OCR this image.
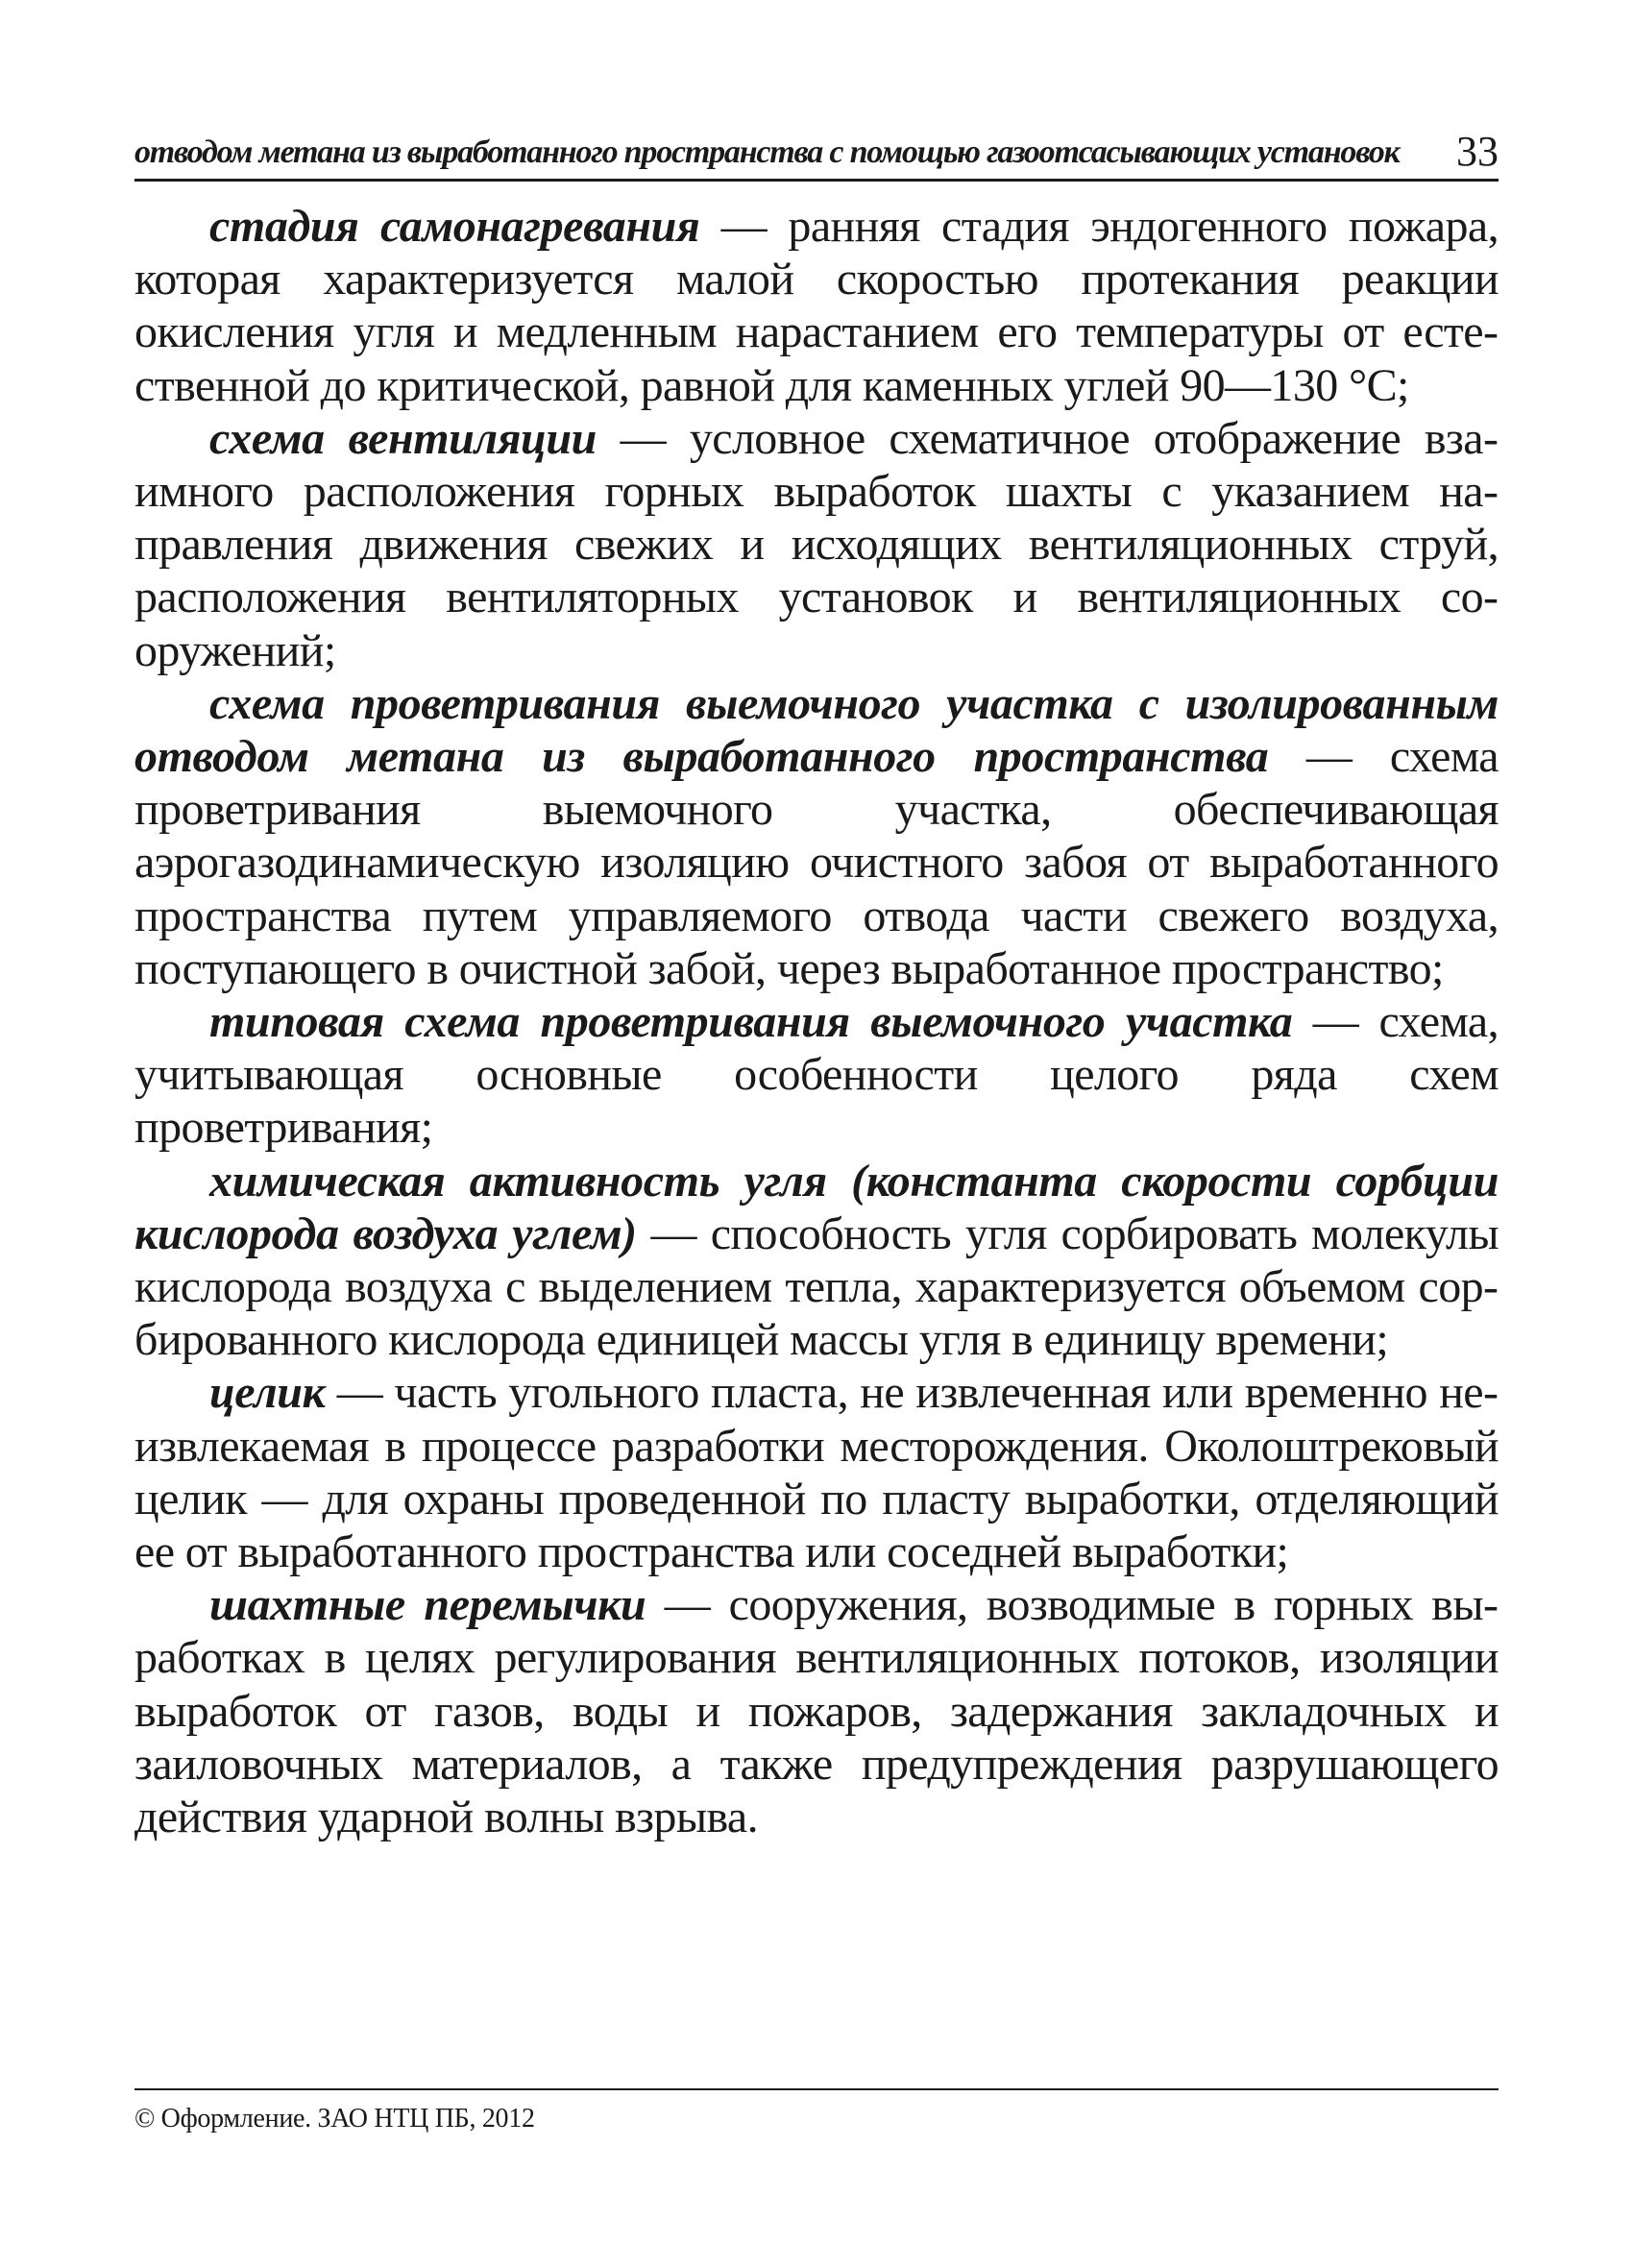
отводом метана из выработанного пространства с помощью газоотсасывающих установок 33

стадия самонагревания — ранняя стадия эндогенного пожара, которая характеризуется малой скоростью протекания реакции окисления угля и медленным нарастанием его температуры от естественной до критической, равной для каменных углей 90—130 °С;

схема вентиляции — условное схематичное отображение взаимного расположения горных выработок шахты с указанием направления движения свежих и исходящих вентиляционных струй, расположения вентиляторных установок и вентиляционных сооружений;

схема проветривания выемочного участка с изолированным отводом метана из выработанного пространства — схема проветривания выемочного участка, обеспечивающая аэрогазодинамическую изоляцию очистного забоя от выработанного пространства путем управляемого отвода части свежего воздуха, поступающего в очистной забой, через выработанное пространство;

типовая схема проветривания выемочного участка — схема, учитывающая основные особенности целого ряда схем проветривания;

химическая активность угля (константа скорости сорбции кислорода воздуха углем) — способность угля сорбировать молекулы кислорода воздуха с выделением тепла, характеризуется объемом сорбированного кислорода единицей массы угля в единицу времени;

целик — часть угольного пласта, не извлеченная или временно неизвлекаемая в процессе разработки месторождения. Околоштрековый целик — для охраны проведенной по пласту выработки, отделяющий ее от выработанного пространства или соседней выработки;

шахтные перемычки — сооружения, возводимые в горных выработках в целях регулирования вентиляционных потоков, изоляции выработок от газов, воды и пожаров, задержания закладочных и заиловочных материалов, а также предупреждения разрушающего действия ударной волны взрыва.

© Оформление. ЗАО НТЦ ПБ, 2012
